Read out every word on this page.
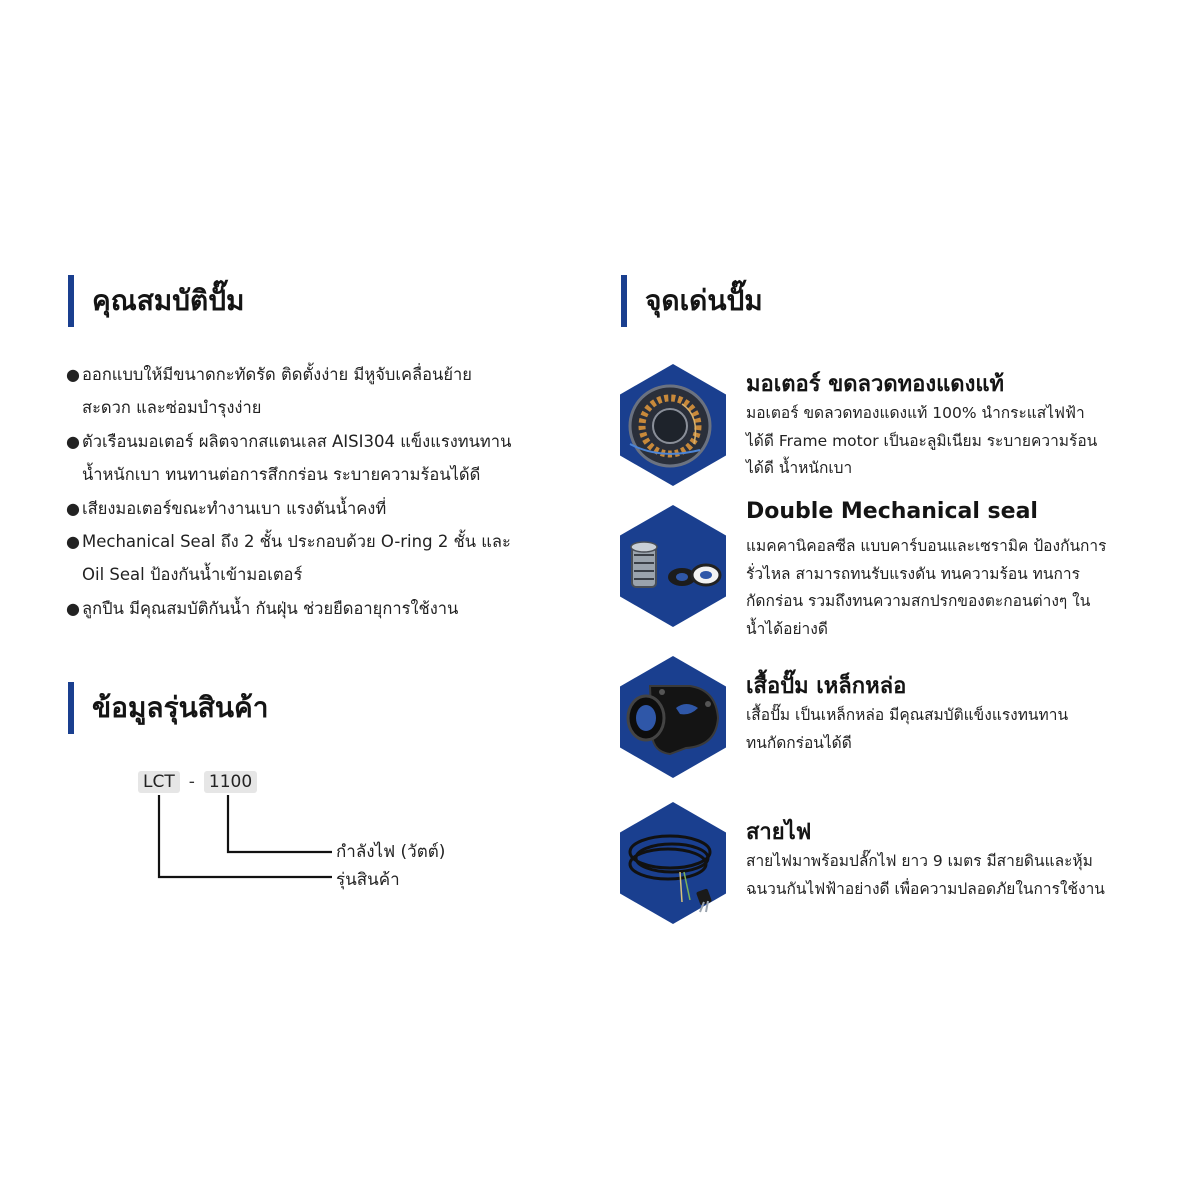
คุณสมบัติปั๊ม
● ออกแบบให้มีขนาดกะทัดรัด ติดตั้งง่าย มีหูจับเคลื่อนย้าย
สะดวก และซ่อมบำรุงง่าย
● ตัวเรือนมอเตอร์ ผลิตจากสแตนเลส AISI304 แข็งแรงทนทาน
น้ำหนักเบา ทนทานต่อการสึกกร่อน ระบายความร้อนได้ดี
● เสียงมอเตอร์ขณะทำงานเบา แรงดันน้ำคงที่
● Mechanical Seal ถึง 2 ชั้น ประกอบด้วย O-ring 2 ชั้น และ
Oil Seal ป้องกันน้ำเข้ามอเตอร์
● ลูกปืน มีคุณสมบัติกันน้ำ กันฝุ่น ช่วยยืดอายุการใช้งาน
ข้อมูลรุ่นสินค้า
LCT - 1100
กำลังไฟ (วัตต์)
รุ่นสินค้า
จุดเด่นปั๊ม
มอเตอร์ ขดลวดทองแดงแท้
มอเตอร์ ขดลวดทองแดงแท้ 100% นำกระแสไฟฟ้า
ได้ดี Frame motor เป็นอะลูมิเนียม ระบายความร้อน
ได้ดี น้ำหนักเบา
Double Mechanical seal
แมคคานิคอลซีล แบบคาร์บอนและเซรามิค ป้องกันการ
รั่วไหล สามารถทนรับแรงดัน ทนความร้อน ทนการ
กัดกร่อน รวมถึงทนความสกปรกของตะกอนต่างๆ ใน
น้ำได้อย่างดี
เสื้อปั๊ม เหล็กหล่อ
เสื้อปั๊ม เป็นเหล็กหล่อ มีคุณสมบัติแข็งแรงทนทาน
ทนกัดกร่อนได้ดี
สายไฟ
สายไฟมาพร้อมปลั๊กไฟ ยาว 9 เมตร มีสายดินและหุ้ม
ฉนวนกันไฟฟ้าอย่างดี เพื่อความปลอดภัยในการใช้งาน
